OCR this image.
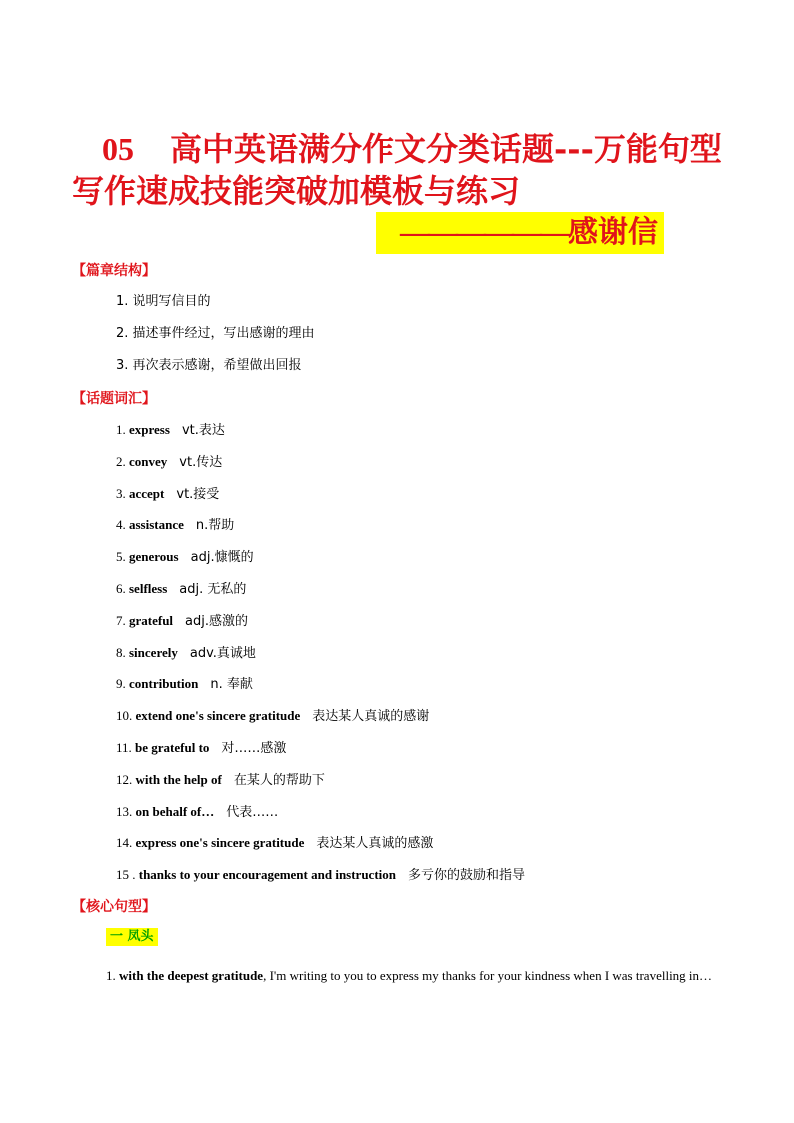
05 高中英语满分作文分类话题---万能句型
写作速成技能突破加模板与练习
——————感谢信
【篇章结构】
1. 说明写信目的
2. 描述事件经过，写出感谢的理由
3. 再次表示感谢，希望做出回报
【话题词汇】
1. express vt.表达
2. convey vt.传达
3. accept vt.接受
4. assistance n.帮助
5. generous adj.慷慨的
6. selfless adj. 无私的
7. grateful adj.感激的
8. sincerely adv.真诚地
9. contribution n. 奉献
10. extend one's sincere gratitude 表达某人真诚的感谢
11. be grateful to 对……感激
12. with the help of 在某人的帮助下
13. on behalf of… 代表……
14. express one's sincere gratitude 表达某人真诚的感激
15 . thanks to your encouragement and instruction 多亏你的鼓励和指导
【核心句型】
一 凤头
1. with the deepest gratitude, I'm writing to you to express my thanks for your kindness when I was travelling in…
